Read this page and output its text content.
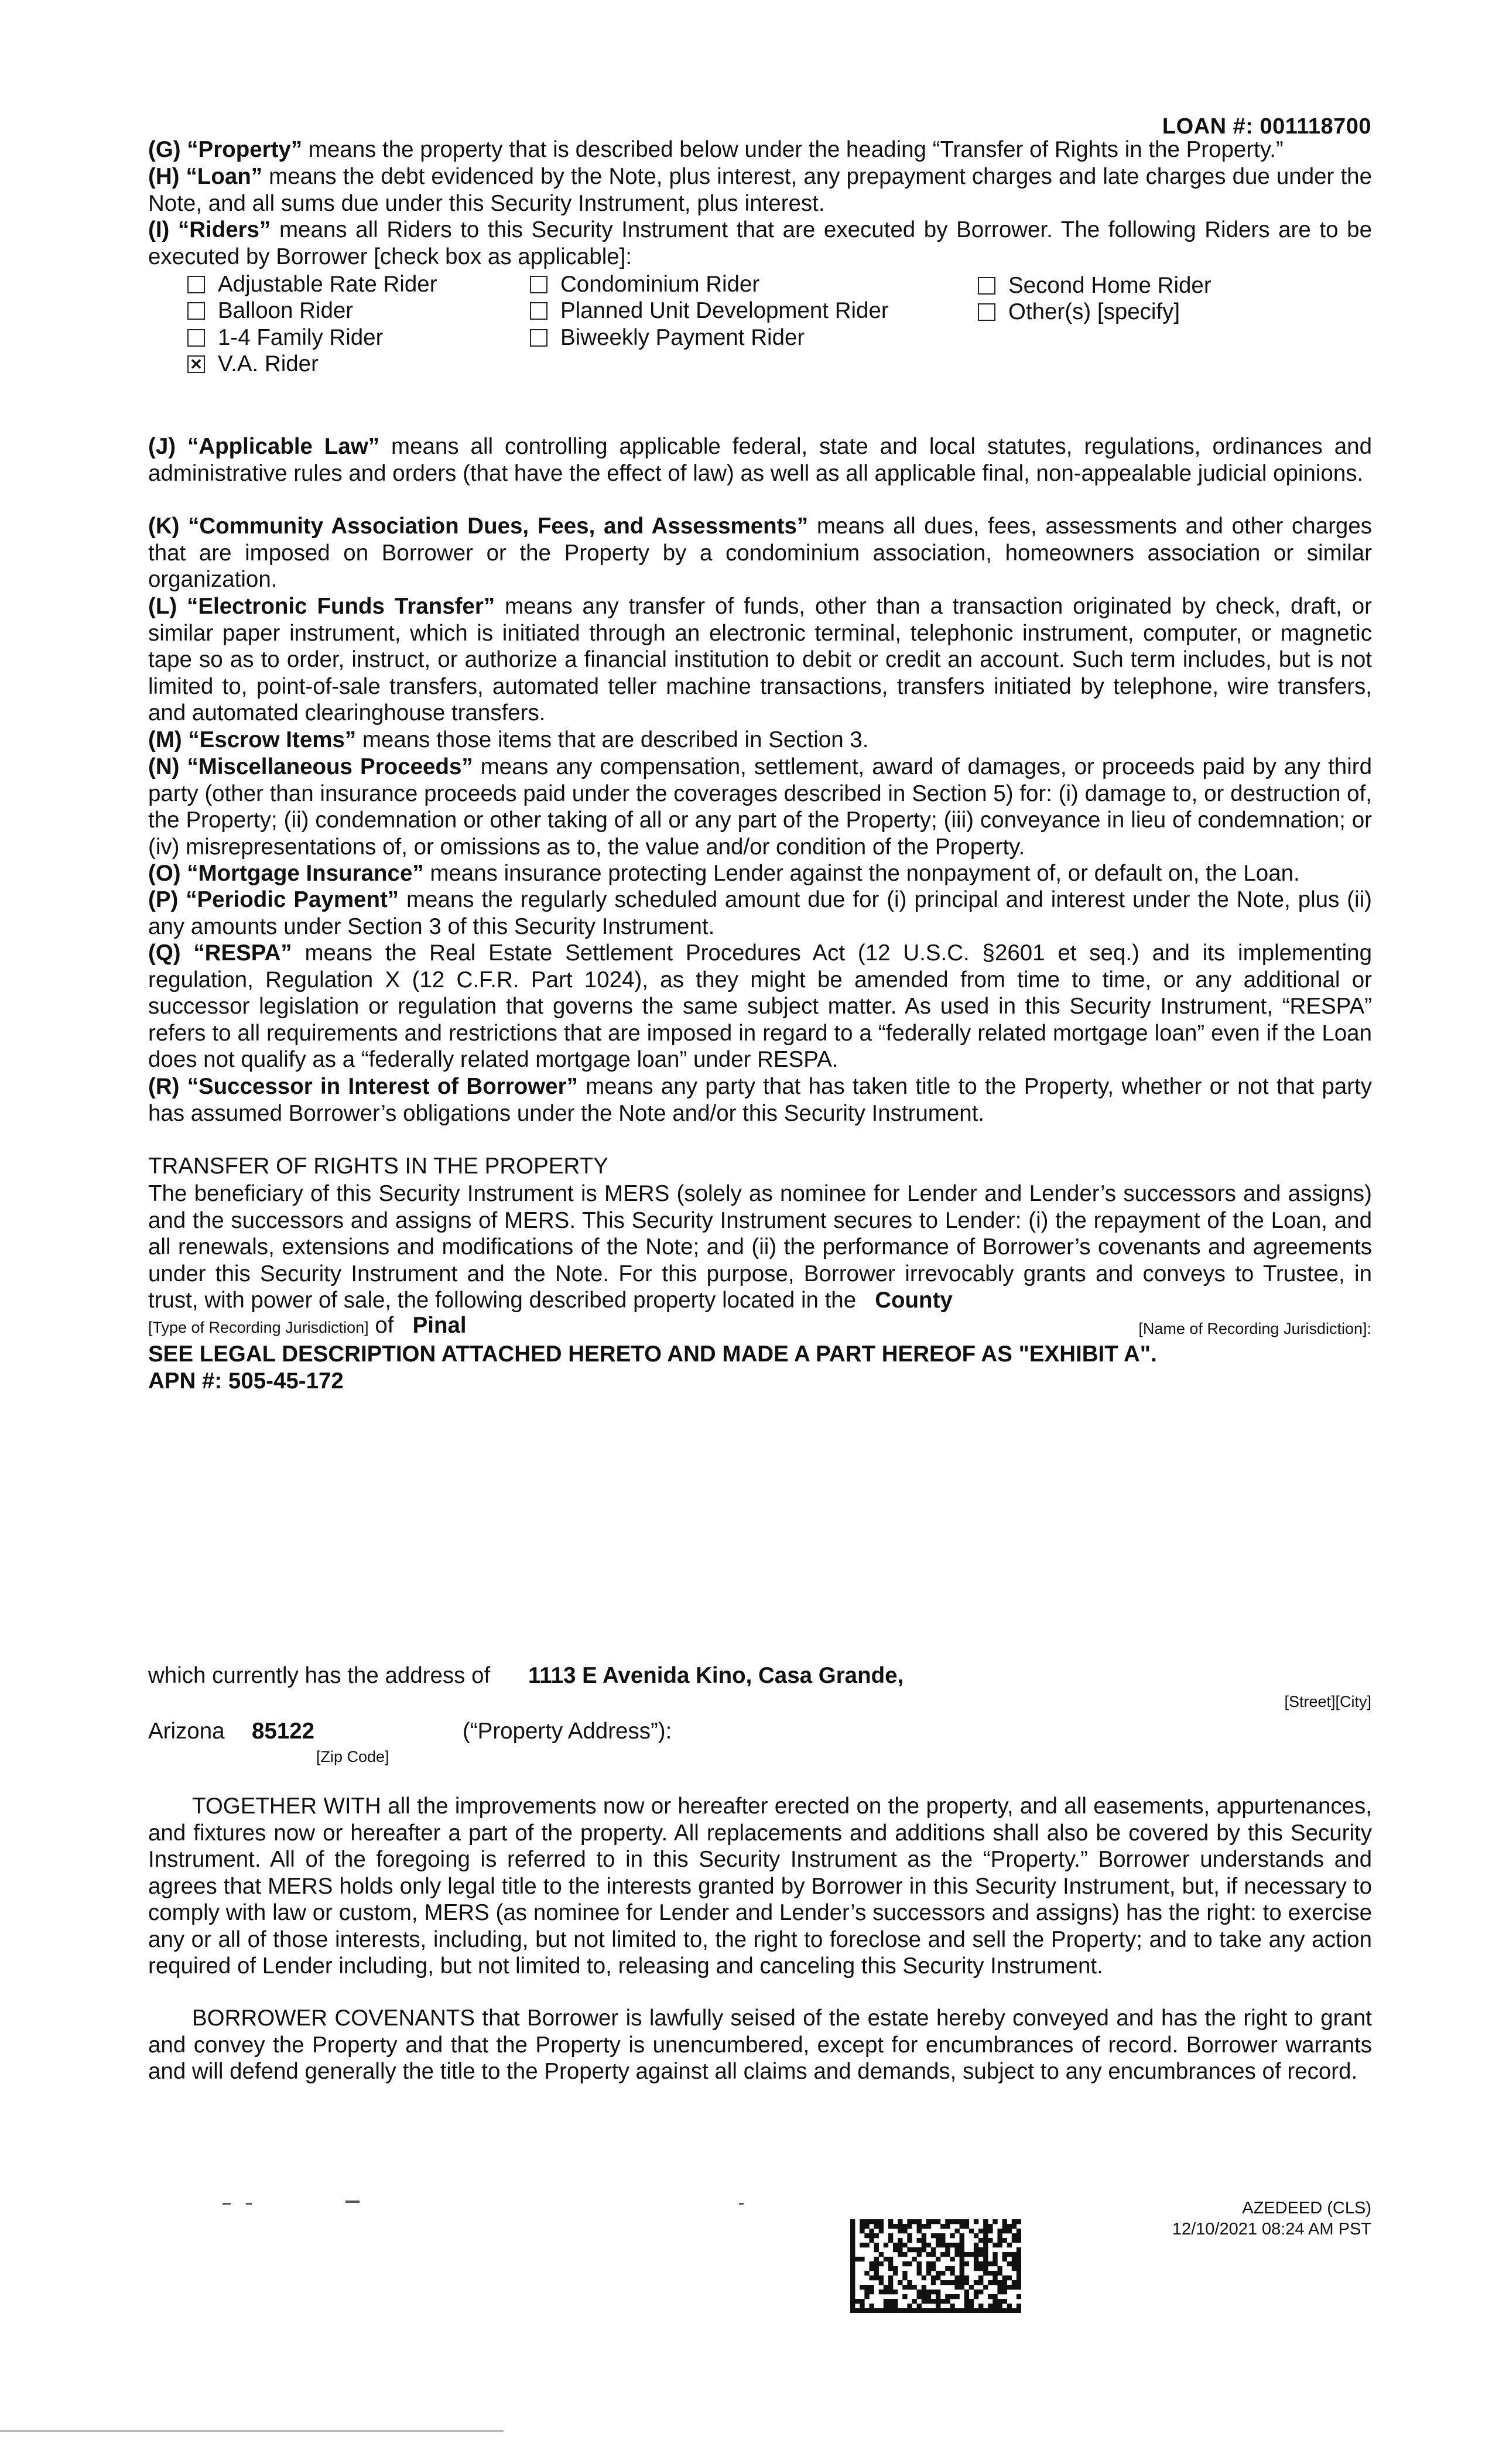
LOAN #: 001118700
(G) “Property” means the property that is described below under the heading “Transfer of Rights in the Property.”
(H) “Loan” means the debt evidenced by the Note, plus interest, any prepayment charges and late charges due under the Note, and all sums due under this Security Instrument, plus interest.
(I) “Riders” means all Riders to this Security Instrument that are executed by Borrower. The following Riders are to be executed by Borrower [check box as applicable]:
Adjustable Rate Rider
Balloon Rider
1-4 Family Rider
✕ V.A. Rider
Condominium Rider
Planned Unit Development Rider
Biweekly Payment Rider
Second Home Rider
Other(s) [specify]
(J) “Applicable Law” means all controlling applicable federal, state and local statutes, regulations, ordinances and administrative rules and orders (that have the effect of law) as well as all applicable final, non-appealable judicial opinions.
(K) “Community Association Dues, Fees, and Assessments” means all dues, fees, assessments and other charges that are imposed on Borrower or the Property by a condominium association, homeowners association or similar organization.
(L) “Electronic Funds Transfer” means any transfer of funds, other than a transaction originated by check, draft, or similar paper instrument, which is initiated through an electronic terminal, telephonic instrument, computer, or magnetic tape so as to order, instruct, or authorize a financial institution to debit or credit an account. Such term includes, but is not limited to, point-of-sale transfers, automated teller machine transactions, transfers initiated by telephone, wire transfers, and automated clearinghouse transfers.
(M) “Escrow Items” means those items that are described in Section 3.
(N) “Miscellaneous Proceeds” means any compensation, settlement, award of damages, or proceeds paid by any third party (other than insurance proceeds paid under the coverages described in Section 5) for: (i) damage to, or destruction of, the Property; (ii) condemnation or other taking of all or any part of the Property; (iii) conveyance in lieu of condemnation; or (iv) misrepresentations of, or omissions as to, the value and/or condition of the Property.
(O) “Mortgage Insurance” means insurance protecting Lender against the nonpayment of, or default on, the Loan.
(P) “Periodic Payment” means the regularly scheduled amount due for (i) principal and interest under the Note, plus (ii) any amounts under Section 3 of this Security Instrument.
(Q) “RESPA” means the Real Estate Settlement Procedures Act (12 U.S.C. §2601 et seq.) and its implementing regulation, Regulation X (12 C.F.R. Part 1024), as they might be amended from time to time, or any additional or successor legislation or regulation that governs the same subject matter. As used in this Security Instrument, “RESPA” refers to all requirements and restrictions that are imposed in regard to a “federally related mortgage loan” even if the Loan does not qualify as a “federally related mortgage loan” under RESPA.
(R) “Successor in Interest of Borrower” means any party that has taken title to the Property, whether or not that party has assumed Borrower’s obligations under the Note and/or this Security Instrument.
TRANSFER OF RIGHTS IN THE PROPERTY
The beneficiary of this Security Instrument is MERS (solely as nominee for Lender and Lender’s successors and assigns) and the successors and assigns of MERS. This Security Instrument secures to Lender: (i) the repayment of the Loan, and all renewals, extensions and modifications of the Note; and (ii) the performance of Borrower’s covenants and agreements under this Security Instrument and the Note. For this purpose, Borrower irrevocably grants and conveys to Trustee, in trust, with power of sale, the following described property located in the County
[Type of Recording Jurisdiction] of Pinal	[Name of Recording Jurisdiction]:
SEE LEGAL DESCRIPTION ATTACHED HERETO AND MADE A PART HEREOF AS "EXHIBIT A".
APN #: 505-45-172
which currently has the address of 1113 E Avenida Kino, Casa Grande,
[Street][City]
Arizona 85122	(“Property Address”):
[Zip Code]
TOGETHER WITH all the improvements now or hereafter erected on the property, and all easements, appurtenances, and fixtures now or hereafter a part of the property. All replacements and additions shall also be covered by this Security Instrument. All of the foregoing is referred to in this Security Instrument as the “Property.” Borrower understands and agrees that MERS holds only legal title to the interests granted by Borrower in this Security Instrument, but, if necessary to comply with law or custom, MERS (as nominee for Lender and Lender’s successors and assigns) has the right: to exercise any or all of those interests, including, but not limited to, the right to foreclose and sell the Property; and to take any action required of Lender including, but not limited to, releasing and canceling this Security Instrument.
BORROWER COVENANTS that Borrower is lawfully seised of the estate hereby conveyed and has the right to grant and convey the Property and that the Property is unencumbered, except for encumbrances of record. Borrower warrants and will defend generally the title to the Property against all claims and demands, subject to any encumbrances of record.
AZEDEED (CLS)
12/10/2021 08:24 AM PST
